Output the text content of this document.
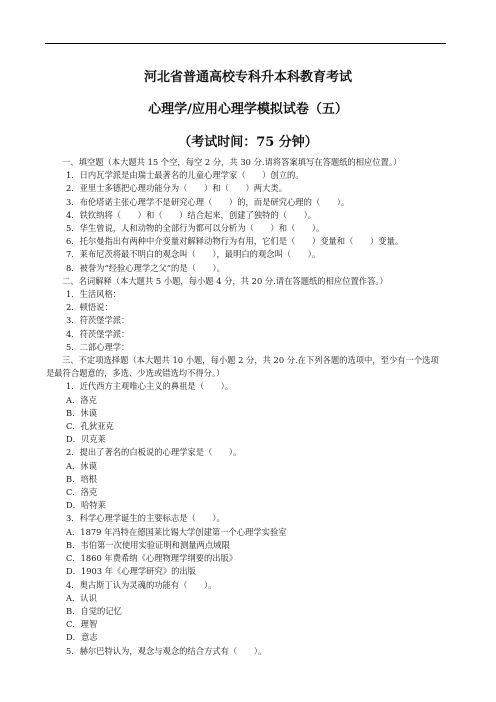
河北省普通高校专科升本科教育考试
心理学/应用心理学模拟试卷（五）
（考试时间：75 分钟）
一、填空题（本大题共 15 个空，每空 2 分，共 30 分.请将答案填写在答题纸的相应位置。）
1．日内瓦学派是由瑞士最著名的儿童心理学家（　　）创立的。
2．亚里士多德把心理功能分为（　　）和（　　）两大类。
3．布伦塔诺主张心理学不是研究心理（　　）的，而是研究心理的（　　）。
4．铁钦纳将（　　）和（　　）结合起来，创建了独特的（　　）。
5．华生曾说，人和动物的全部行为都可以分析为（　　）和（　　）。
6．托尔曼指出有两种中介变量对解释动物行为有用，它们是（　　）变量和（　　）变量。
7．莱布尼茨将最不明白的观念叫（　　），最明白的观念叫（　　）。
8．被誉为“经验心理学之父”的是（　　）。
二、名词解释（本大题共 5 小题，每小题 4 分，共 20 分.请在答题纸的相应位置作答。）
1．生活风格：
2．顿悟说：
3．符茨堡学派：
4．符茨堡学派：
5．二部心理学：
三、不定项选择题（本大题共 10 小题，每小题 2 分，共 20 分.在下列各题的选项中，至少有一个选项
是最符合题意的，多选、少选或错选均不得分。）
1．近代西方主观唯心主义的鼻祖是（　　）。
A．洛克
B．休谟
C．孔狄亚克
D．贝克莱
2．提出了著名的白板说的心理学家是（　　）。
A．休谟
B．培根
C．洛克
D．哈特莱
3．科学心理学诞生的主要标志是（　　）。
A．1879 年冯特在德国莱比锡大学创建第一个心理学实验室
B．韦伯第一次使用实验证明和测量两点域限
C．1860 年费希纳《心理物理学纲要的出版》
D．1903 年《心理学研究》的出版
4．奥古斯丁认为灵魂的功能有（　　）。
A．认识
B．自觉的记忆
C．理智
D．意志
5．赫尔巴特认为，观念与观念的结合方式有（　　）。
